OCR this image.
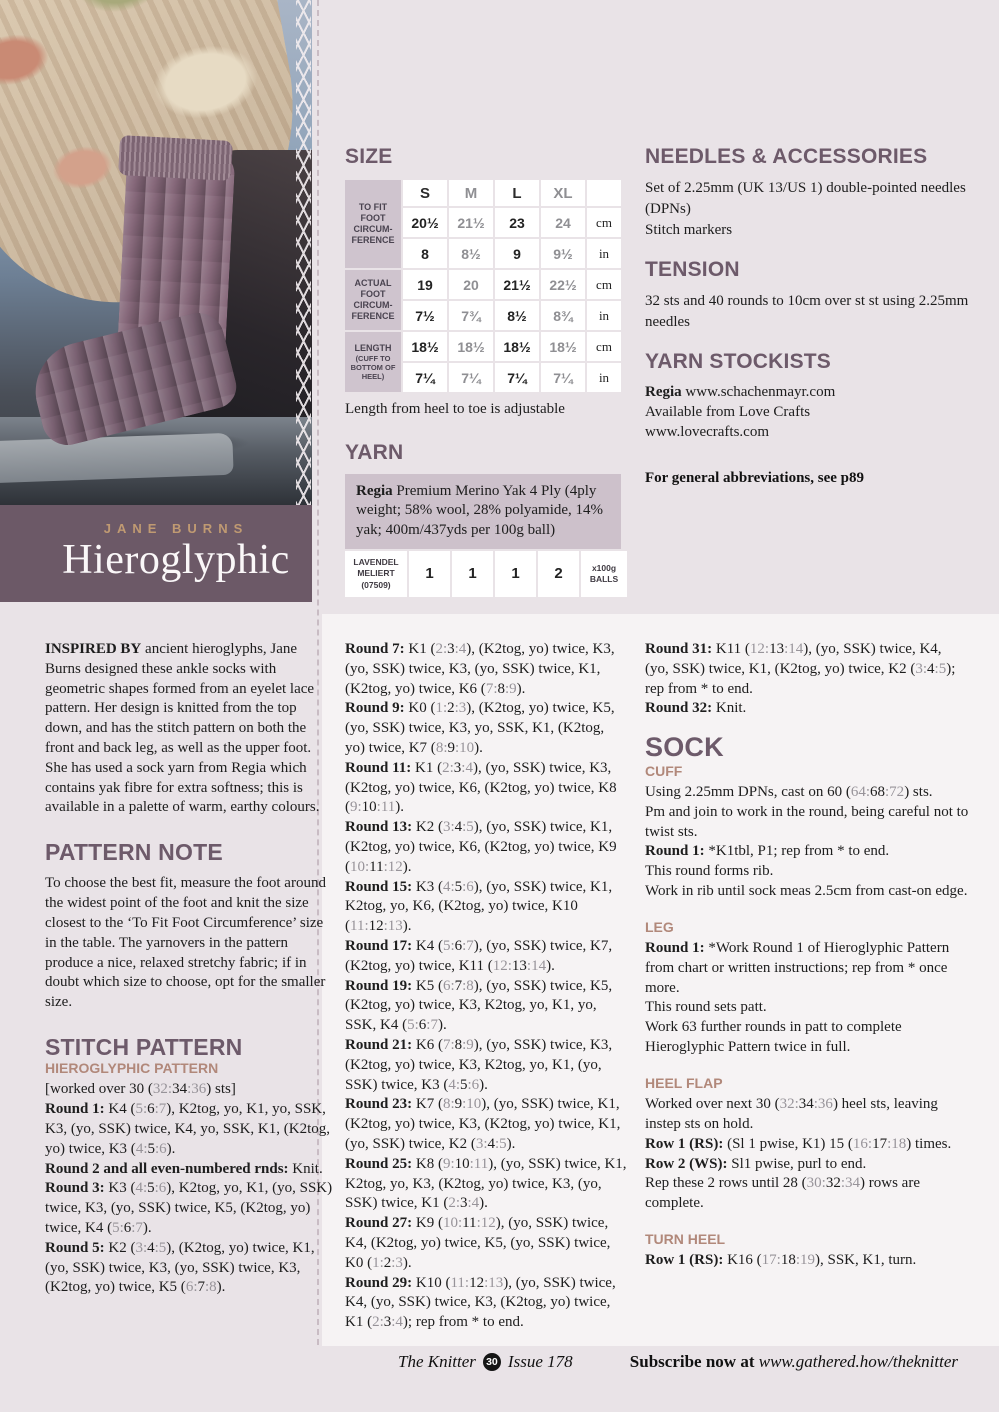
JANE BURNS
Hieroglyphic
SIZE
S	M	L	XL
TO FIT FOOT CIRCUM-FERENCE
20½	21½	23	24	cm
8	8½	9	9½	in
ACTUAL FOOT CIRCUM-FERENCE
19	20	21½	22½	cm
7½	7¾	8½	8¾	in
LENGTH
(CUFF TO BOTTOM OF HEEL)
18½	18½	18½	18½	cm
7¼	7¼	7¼	7¼	in
Length from heel to toe is adjustable
YARN
Regia Premium Merino Yak 4 Ply (4ply weight; 58% wool, 28% polyamide, 14% yak; 400m/437yds per 100g ball)
LAVENDEL MELIERT (07509)
1	1	1	2	x100g BALLS
NEEDLES & ACCESSORIES

Set of 2.25mm (UK 13/US 1) double-pointed needles (DPNs)

Stitch markers

TENSION

32 sts and 40 rounds to 10cm over st st using 2.25mm needles

YARN STOCKISTS

Regia www.schachenmayr.com

Available from Love Crafts

www.lovecrafts.com

For general abbreviations, see p89

INSPIRED BY ancient hieroglyphs, Jane Burns designed these ankle socks with geometric shapes formed from an eyelet lace pattern. Her design is knitted from the top down, and has the stitch pattern on both the front and back leg, as well as the upper foot. She has used a sock yarn from Regia which contains yak fibre for extra softness; this is available in a palette of warm, earthy colours.

PATTERN NOTE

To choose the best fit, measure the foot around the widest point of the foot and knit the size closest to the ‘To Fit Foot Circumference’ size in the table. The yarnovers in the pattern produce a nice, relaxed stretchy fabric; if in doubt which size to choose, opt for the smaller size.

STITCH PATTERN
HIEROGLYPHIC PATTERN

[worked over 30 (32:34:36) sts]

Round 1: K4 (5:6:7), K2tog, yo, K1, yo, SSK, K3, (yo, SSK) twice, K4, yo, SSK, K1, (K2tog, yo) twice, K3 (4:5:6).

Round 2 and all even-numbered rnds: Knit.

Round 3: K3 (4:5:6), K2tog, yo, K1, (yo, SSK) twice, K3, (yo, SSK) twice, K5, (K2tog, yo) twice, K4 (5:6:7).

Round 5: K2 (3:4:5), (K2tog, yo) twice, K1, (yo, SSK) twice, K3, (yo, SSK) twice, K3, (K2tog, yo) twice, K5 (6:7:8).

Round 7: K1 (2:3:4), (K2tog, yo) twice, K3, (yo, SSK) twice, K3, (yo, SSK) twice, K1, (K2tog, yo) twice, K6 (7:8:9).

Round 9: K0 (1:2:3), (K2tog, yo) twice, K5, (yo, SSK) twice, K3, yo, SSK, K1, (K2tog, yo) twice, K7 (8:9:10).

Round 11: K1 (2:3:4), (yo, SSK) twice, K3, (K2tog, yo) twice, K6, (K2tog, yo) twice, K8 (9:10:11).

Round 13: K2 (3:4:5), (yo, SSK) twice, K1, (K2tog, yo) twice, K6, (K2tog, yo) twice, K9 (10:11:12).

Round 15: K3 (4:5:6), (yo, SSK) twice, K1, K2tog, yo, K6, (K2tog, yo) twice, K10 (11:12:13).

Round 17: K4 (5:6:7), (yo, SSK) twice, K7, (K2tog, yo) twice, K11 (12:13:14).

Round 19: K5 (6:7:8), (yo, SSK) twice, K5, (K2tog, yo) twice, K3, K2tog, yo, K1, yo, SSK, K4 (5:6:7).

Round 21: K6 (7:8:9), (yo, SSK) twice, K3, (K2tog, yo) twice, K3, K2tog, yo, K1, (yo, SSK) twice, K3 (4:5:6).

Round 23: K7 (8:9:10), (yo, SSK) twice, K1, (K2tog, yo) twice, K3, (K2tog, yo) twice, K1, (yo, SSK) twice, K2 (3:4:5).

Round 25: K8 (9:10:11), (yo, SSK) twice, K1, K2tog, yo, K3, (K2tog, yo) twice, K3, (yo, SSK) twice, K1 (2:3:4).

Round 27: K9 (10:11:12), (yo, SSK) twice, K4, (K2tog, yo) twice, K5, (yo, SSK) twice, K0 (1:2:3).

Round 29: K10 (11:12:13), (yo, SSK) twice, K4, (yo, SSK) twice, K3, (K2tog, yo) twice, K1 (2:3:4); rep from * to end.

Round 31: K11 (12:13:14), (yo, SSK) twice, K4, (yo, SSK) twice, K1, (K2tog, yo) twice, K2 (3:4:5); rep from * to end.

Round 32: Knit.

SOCK
CUFF

Using 2.25mm DPNs, cast on 60 (64:68:72) sts.

Pm and join to work in the round, being careful not to twist sts.

Round 1: *K1tbl, P1; rep from * to end.

This round forms rib.

Work in rib until sock meas 2.5cm from cast-on edge.

LEG

Round 1: *Work Round 1 of Hieroglyphic Pattern from chart or written instructions; rep from * once more.

This round sets patt.

Work 63 further rounds in patt to complete Hieroglyphic Pattern twice in full.

HEEL FLAP

Worked over next 30 (32:34:36) heel sts, leaving instep sts on hold.

Row 1 (RS): (Sl 1 pwise, K1) 15 (16:17:18) times.

Row 2 (WS): Sl1 pwise, purl to end.

Rep these 2 rows until 28 (30:32:34) rows are complete.

TURN HEEL

Row 1 (RS): K16 (17:18:19), SSK, K1, turn.

The Knitter 30 Issue 178	Subscribe now at www.gathered.how/theknitter
